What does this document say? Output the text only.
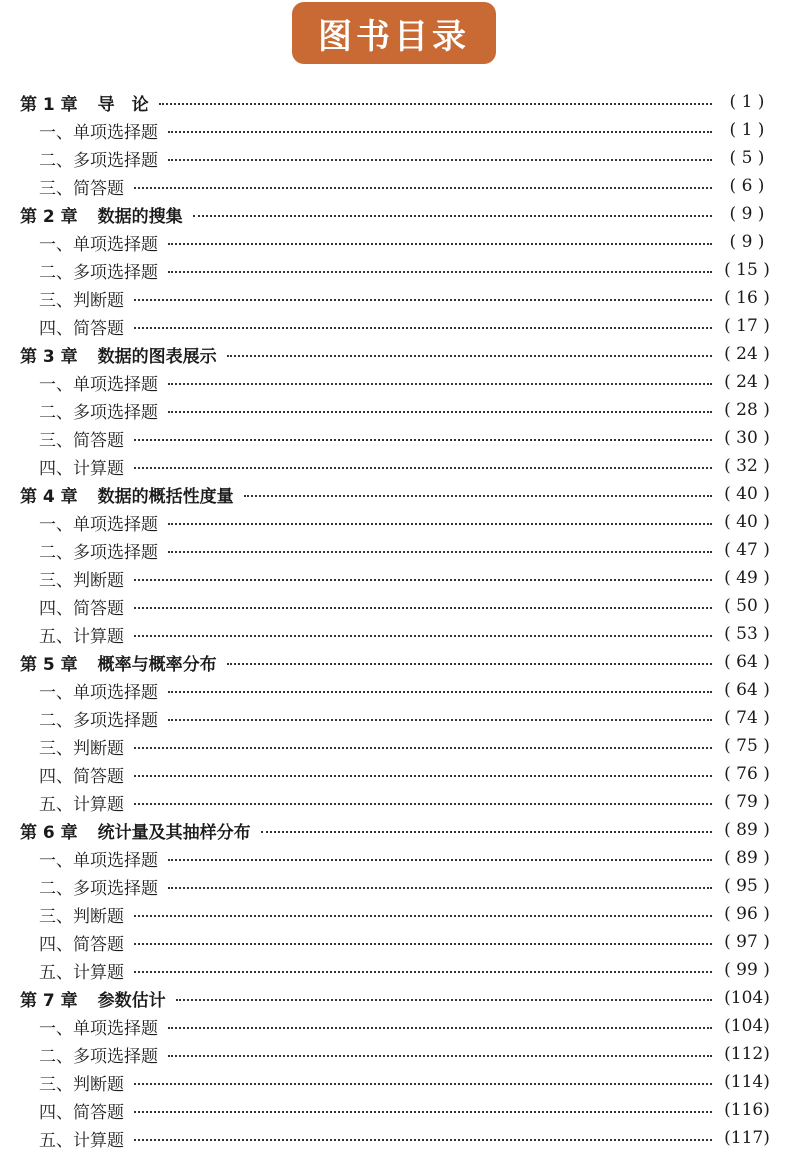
图书目录
第 1 章 导　论	( 1 )
一、单项选择题	( 1 )
二、多项选择题	( 5 )
三、简答题	( 6 )
第 2 章 数据的搜集	( 9 )
一、单项选择题	( 9 )
二、多项选择题	( 15 )
三、判断题	( 16 )
四、简答题	( 17 )
第 3 章 数据的图表展示	( 24 )
一、单项选择题	( 24 )
二、多项选择题	( 28 )
三、简答题	( 30 )
四、计算题	( 32 )
第 4 章 数据的概括性度量	( 40 )
一、单项选择题	( 40 )
二、多项选择题	( 47 )
三、判断题	( 49 )
四、简答题	( 50 )
五、计算题	( 53 )
第 5 章 概率与概率分布	( 64 )
一、单项选择题	( 64 )
二、多项选择题	( 74 )
三、判断题	( 75 )
四、简答题	( 76 )
五、计算题	( 79 )
第 6 章 统计量及其抽样分布	( 89 )
一、单项选择题	( 89 )
二、多项选择题	( 95 )
三、判断题	( 96 )
四、简答题	( 97 )
五、计算题	( 99 )
第 7 章 参数估计	(104)
一、单项选择题	(104)
二、多项选择题	(112)
三、判断题	(114)
四、简答题	(116)
五、计算题	(117)
